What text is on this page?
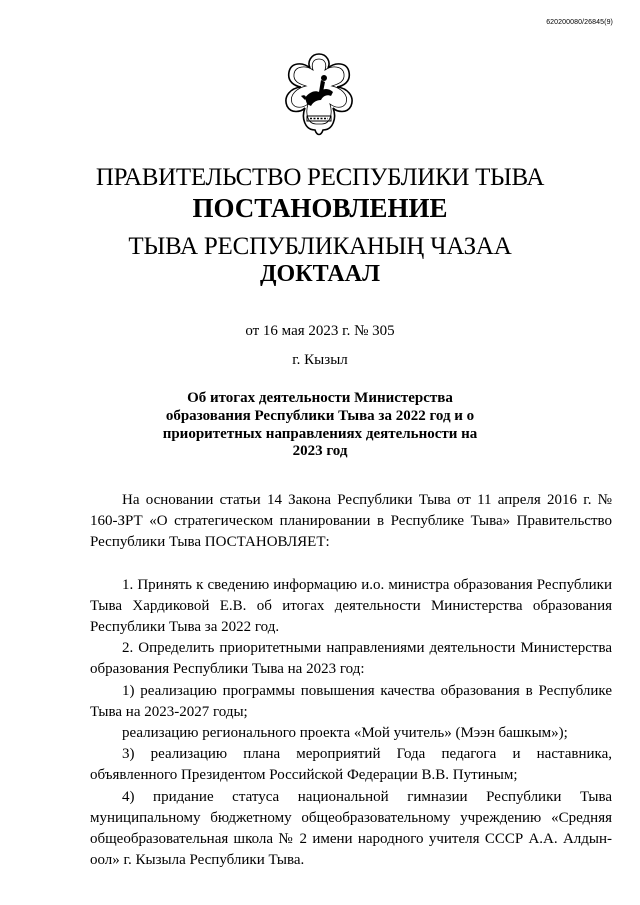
620200080/26845(9)
ПРАВИТЕЛЬСТВО РЕСПУБЛИКИ ТЫВА
ПОСТАНОВЛЕНИЕ
ТЫВА РЕСПУБЛИКАНЫҢ ЧАЗАА
ДОКТААЛ
от 16 мая 2023 г. № 305
г. Кызыл
Об итогах деятельности Министерства образования Республики Тыва за 2022 год и о приоритетных направлениях деятельности на 2023 год

На основании статьи 14 Закона Республики Тыва от 11 апреля 2016 г. № 160-ЗРТ «О стратегическом планировании в Республике Тыва» Правительство Республики Тыва ПОСТАНОВЛЯЕТ:

1. Принять к сведению информацию и.о. министра образования Республики Тыва Хардиковой Е.В. об итогах деятельности Министерства образования Республики Тыва за 2022 год.

2. Определить приоритетными направлениями деятельности Министерства образования Республики Тыва на 2023 год:

1) реализацию программы повышения качества образования в Республике Тыва на 2023-2027 годы;

реализацию регионального проекта «Мой учитель» (Мээн башкым»);

3) реализацию плана мероприятий Года педагога и наставника, объявленного Президентом Российской Федерации В.В. Путиным;

4) придание статуса национальной гимназии Республики Тыва муниципальному бюджетному общеобразовательному учреждению «Средняя общеобразовательная школа № 2 имени народного учителя СССР А.А. Алдын-оол» г. Кызыла Республики Тыва.
